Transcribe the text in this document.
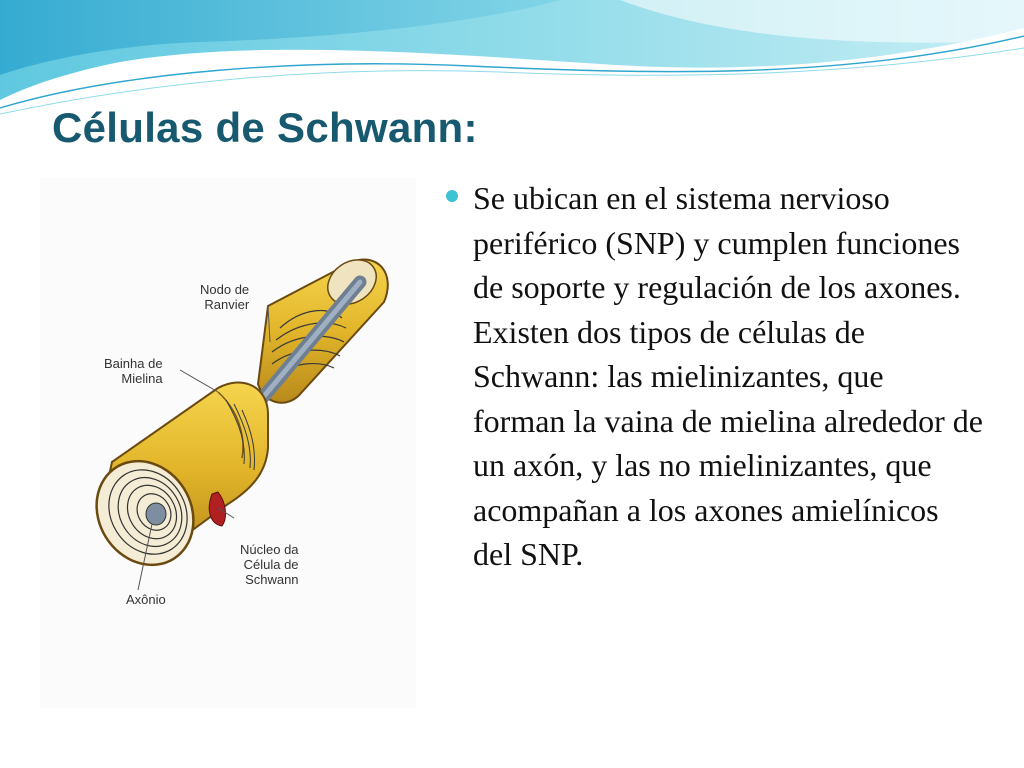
Células de Schwann:
Nodo de
Ranvier
Bainha de
Mielina
Núcleo da
Célula de
Schwann
Axônio

Se ubican en el sistema nervioso periférico (SNP) y cumplen funciones de soporte y regulación de los axones. Existen dos tipos de células de Schwann: las mielinizantes, que forman la vaina de mielina alrededor de un axón, y las no mielinizantes, que acompañan a los axones amielínicos del SNP.
